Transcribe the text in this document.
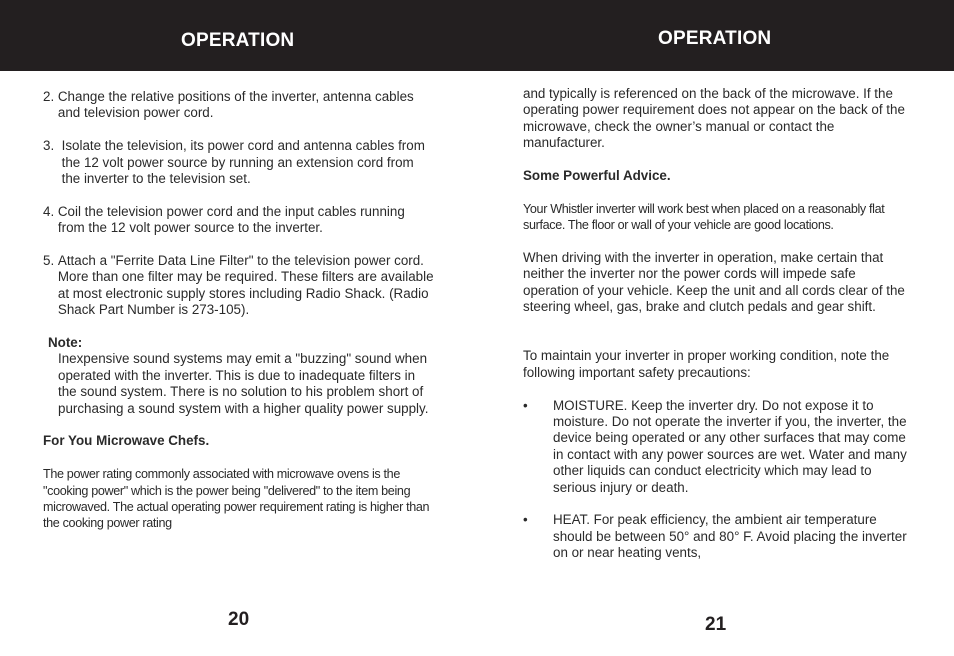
OPERATION	OPERATION
2. Change the relative positions of the inverter, antenna cables and television power cord.
3. Isolate the television, its power cord and antenna cables from the 12 volt power source by running an extension cord from the inverter to the television set.
4. Coil the television power cord and the input cables running from the 12 volt power source to the inverter.
5. Attach a "Ferrite Data Line Filter" to the television power cord. More than one filter may be required. These filters are available at most electronic supply stores including Radio Shack. (Radio Shack Part Number is 273-105).

Note:

Inexpensive sound systems may emit a "buzzing" sound when operated with the inverter. This is due to inadequate filters in the sound system. There is no solution to his problem short of purchasing a sound system with a higher quality power supply.

For You Microwave Chefs.

The power rating commonly associated with microwave ovens is the "cooking power" which is the power being "delivered" to the item being microwaved. The actual operating power requirement rating is higher than the cooking power rating

and typically is referenced on the back of the microwave. If the operating power requirement does not appear on the back of the microwave, check the owner’s manual or contact the manufacturer.

Some Powerful Advice.

Your Whistler inverter will work best when placed on a reasonably flat surface. The floor or wall of your vehicle are good locations.

When driving with the inverter in operation, make certain that neither the inverter nor the power cords will impede safe operation of your vehicle. Keep the unit and all cords clear of the steering wheel, gas, brake and clutch pedals and gear shift.

To maintain your inverter in proper working condition, note the following important safety precautions:

•	MOISTURE. Keep the inverter dry. Do not expose it to moisture. Do not operate the inverter if you, the inverter, the device being operated or any other surfaces that may come in contact with any power sources are wet. Water and many other liquids can conduct electricity which may lead to serious injury or death.
•	HEAT. For peak efficiency, the ambient air temperature should be between 50° and 80° F. Avoid placing the inverter on or near heating vents,

20	21
